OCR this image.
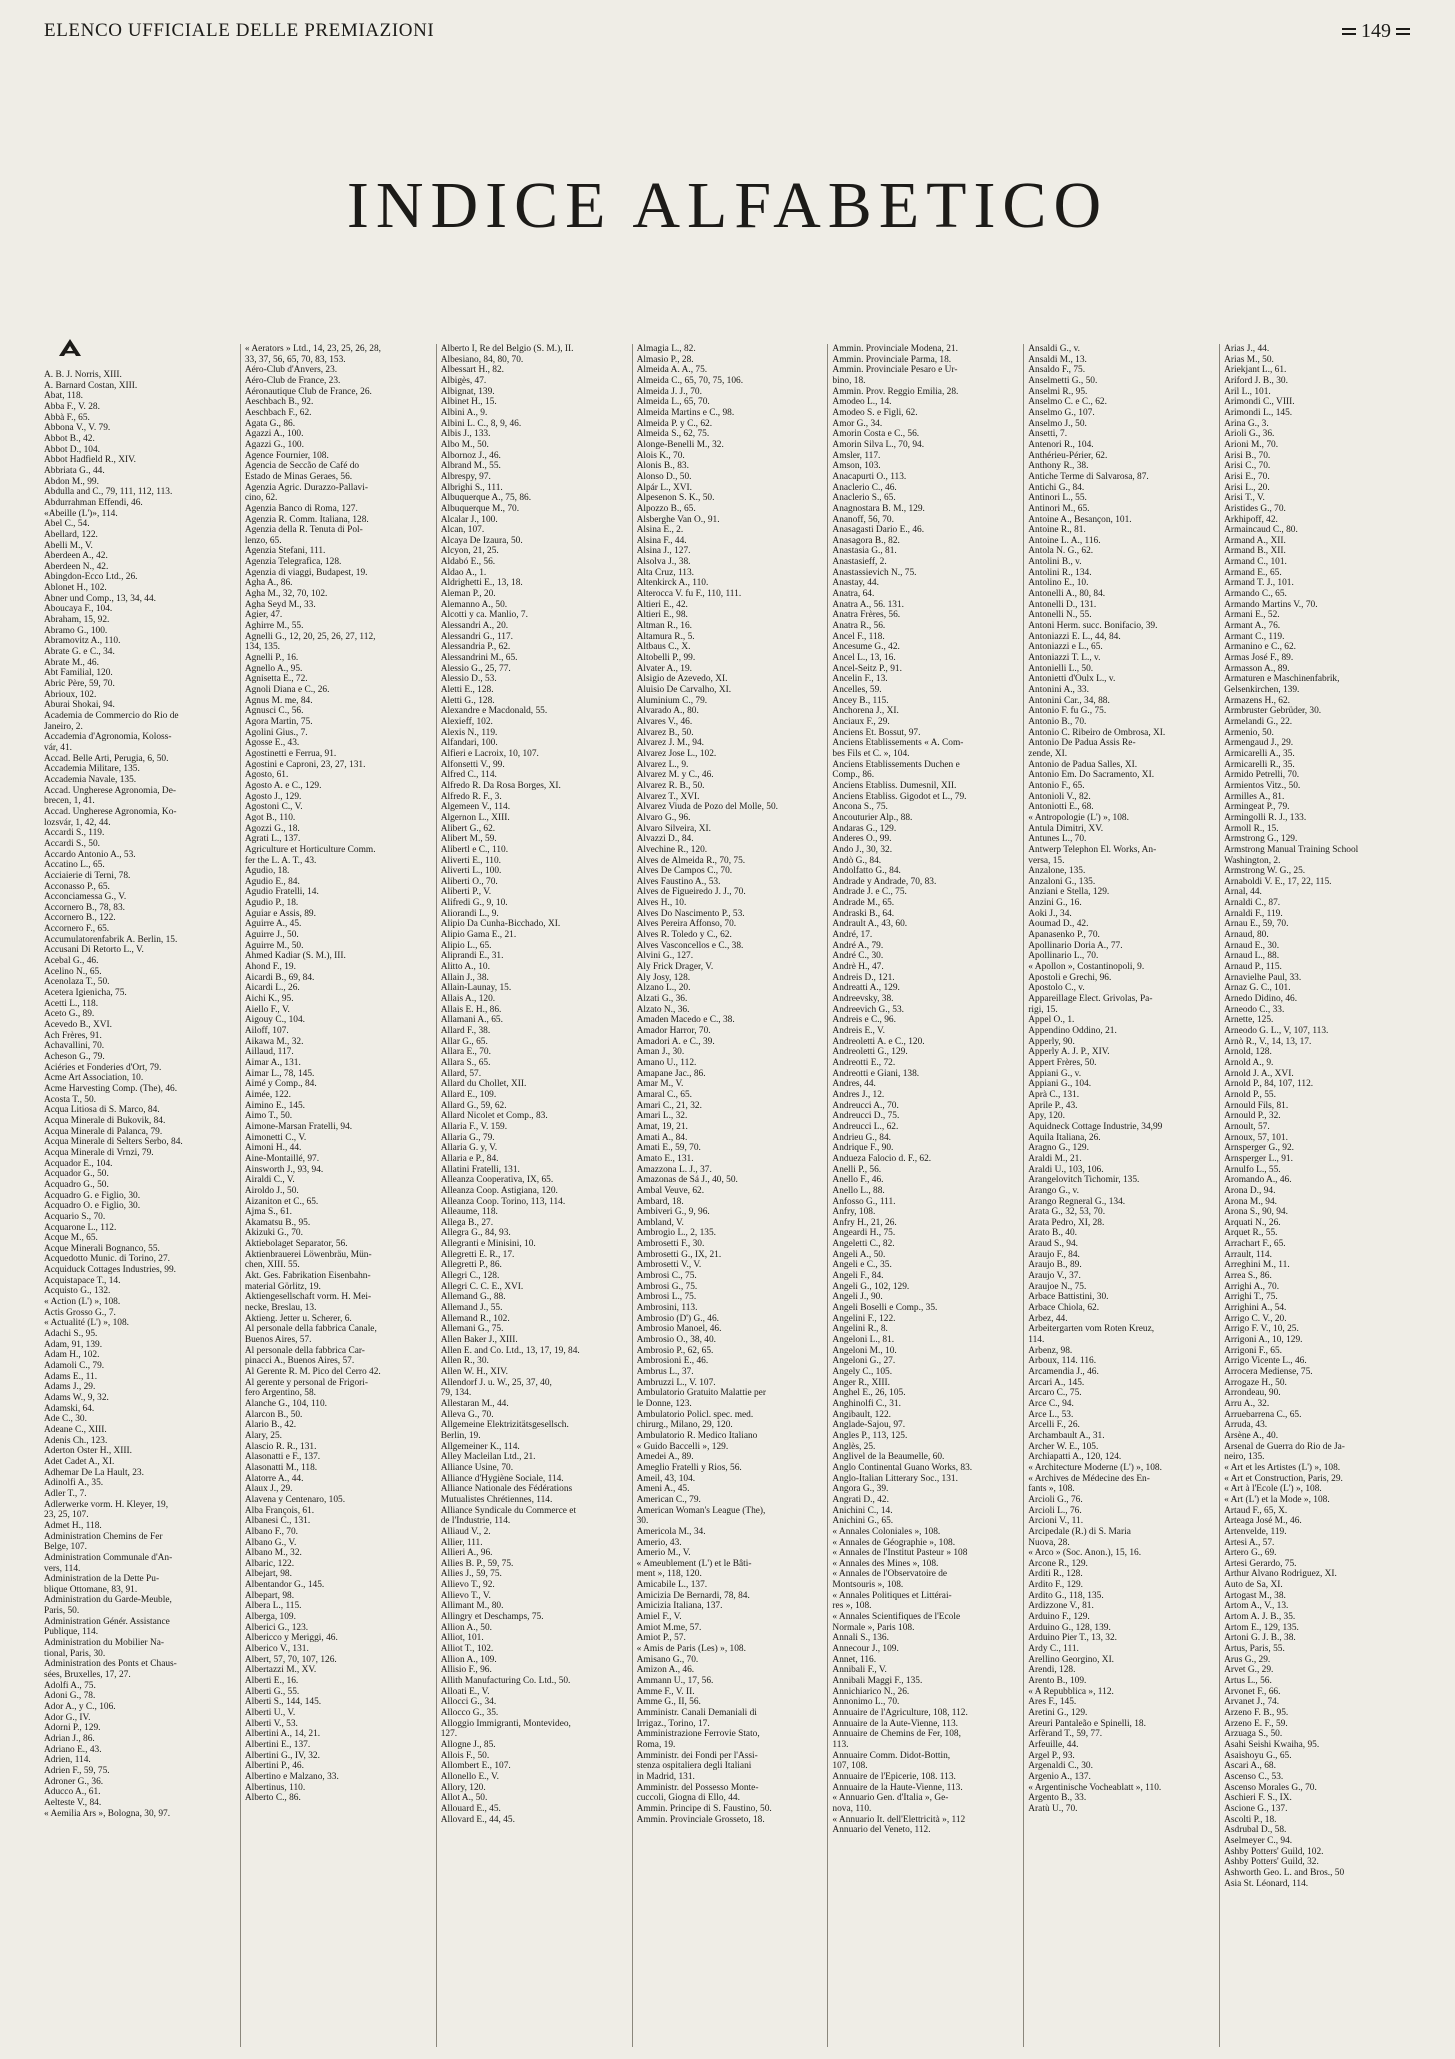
ELENCO UFFICIALE DELLE PREMIAZIONI	149
INDICE ALFABETICO
A. B. J. Norris, XIII.
A. Barnard Costan, XIII.
Abat, 118.
Abba F., V. 28.
Abbà F., 65.
Abbona V., V. 79.
Abbot B., 42.
Abbot D., 104.
Abbot Hadfield R., XIV.
Abbriata G., 44.
Abdon M., 99.
Abdulla and C., 79, 111, 112, 113.
Abdurrahman Effendi, 46.
«Abeille (L')», 114.
Abel C., 54.
Abellard, 122.
Abelli M., V.
Aberdeen A., 42.
Aberdeen N., 42.
Abingdon-Ecco Ltd., 26.
Ablonet H., 102.
Abner und Comp., 13, 34, 44.
Aboucaya F., 104.
Abraham, 15, 92.
Abramo G., 100.
Abramovitz A., 110.
Abrate G. e C., 34.
Abrate M., 46.
Abt Familial, 120.
Abric Père, 59, 70.
Abrioux, 102.
Aburai Shokai, 94.
Academia de Commercio do Rio de
Janeiro, 2.
Accademia d'Agronomia, Koloss-
vár, 41.
Accad. Belle Arti, Perugia, 6, 50.
Accademia Militare, 135.
Accademia Navale, 135.
Accad. Ungherese Agronomia, De-
brecen, 1, 41.
Accad. Ungherese Agronomia, Ko-
lozsvár, 1, 42, 44.
Accardi S., 119.
Accardi S., 50.
Accardo Antonio A., 53.
Accatino L., 65.
Acciaierie di Terni, 78.
Acconasso P., 65.
Acconciamessa G., V.
Accornero B., 78, 83.
Accornero B., 122.
Accornero F., 65.
Accumulatorenfabrik A. Berlin, 15.
Accusani Di Retorto L., V.
Acebal G., 46.
Acelino N., 65.
Acenolaza T., 50.
Acetera Igienicha, 75.
Acetti L., 118.
Aceto G., 89.
Acevedo B., XVI.
Ach Frères, 91.
Achavallini, 70.
Acheson G., 79.
Aciéries et Fonderies d'Ort, 79.
Acme Art Association, 10.
Acme Harvesting Comp. (The), 46.
Acosta T., 50.
Acqua Litiosa di S. Marco, 84.
Acqua Minerale di Bukovik, 84.
Acqua Minerale di Palanca, 79.
Acqua Minerale di Selters Serbo, 84.
Acqua Minerale di Vrnzi, 79.
Acquador E., 104.
Acquador G., 50.
Acquadro G., 50.
Acquadro G. e Figlio, 30.
Acquadro O. e Figlio, 30.
Acquario S., 70.
Acquarone L., 112.
Acque M., 65.
Acque Minerali Bognanco, 55.
Acquedotto Munic. di Torino, 27.
Acquiduck Cottages Industries, 99.
Acquistapace T., 14.
Acquisto G., 132.
« Action (L') », 108.
Actis Grosso G., 7.
« Actualité (L') », 108.
Adachi S., 95.
Adam, 91, 139.
Adam H., 102.
Adamoli C., 79.
Adams E., 11.
Adams J., 29.
Adams W., 9, 32.
Adamski, 64.
Ade C., 30.
Adeane C., XIII.
Adenis Ch., 123.
Aderton Oster H., XIII.
Adet Cadet A., XI.
Adhemar De La Hault, 23.
Adinolfi A., 35.
Adler T., 7.
Adlerwerke vorm. H. Kleyer, 19,
23, 25, 107.
Admet H., 118.
Administration Chemins de Fer
Belge, 107.
Administration Communale d'An-
vers, 114.
Administration de la Dette Pu-
blique Ottomane, 83, 91.
Administration du Garde-Meuble,
Paris, 50.
Administration Génér. Assistance
Publique, 114.
Administration du Mobilier Na-
tional, Paris, 30.
Administration des Ponts et Chaus-
sées, Bruxelles, 17, 27.
Adolfi A., 75.
Adoni G., 78.
Ador A., y C., 106.
Ador G., IV.
Adorni P., 129.
Adrian J., 86.
Adriano E., 43.
Adrien, 114.
Adrien F., 59, 75.
Adroner G., 36.
Aducco A., 61.
Aelteste V., 84.
« Aemilia Ars », Bologna, 30, 97.
« Aerators » Ltd., 14, 23, 25, 26, 28,
33, 37, 56, 65, 70, 83, 153.
Aéro-Club d'Anvers, 23.
Aéro-Club de France, 23.
Aéronautique Club de France, 26.
Aeschbach B., 92.
Aeschbach F., 62.
Agata G., 86.
Agazzi A., 100.
Agazzi G., 100.
Agence Fournier, 108.
Agencia de Seccão de Café do
Estado de Minas Geraes, 56.
Agenzia Agric. Durazzo-Pallavi-
cino, 62.
Agenzia Banco di Roma, 127.
Agenzia R. Comm. Italiana, 128.
Agenzia della R. Tenuta di Pol-
lenzo, 65.
Agenzia Stefani, 111.
Agenzia Telegrafica, 128.
Agenzia di viaggi, Budapest, 19.
Agha A., 86.
Agha M., 32, 70, 102.
Agha Seyd M., 33.
Agier, 47.
Aghirre M., 55.
Agnelli G., 12, 20, 25, 26, 27, 112,
134, 135.
Agnelli P., 16.
Agnello A., 95.
Agnisetta E., 72.
Agnoli Diana e C., 26.
Agnus M. me, 84.
Agnusci C., 56.
Agora Martin, 75.
Agolini Gius., 7.
Agosse E., 43.
Agostinetti e Ferrua, 91.
Agostini e Caproni, 23, 27, 131.
Agosto, 61.
Agosto A. e C., 129.
Agosto J., 129.
Agostoni C., V.
Agot B., 110.
Agozzi G., 18.
Agrati L., 137.
Agriculture et Horticulture Comm.
fer the L. A. T., 43.
Agudio, 18.
Agudio E., 84.
Agudio Fratelli, 14.
Agudio P., 18.
Aguiar e Assis, 89.
Aguirre A., 45.
Aguirre J., 50.
Aguirre M., 50.
Ahmed Kadiar (S. M.), III.
Ahond F., 19.
Aicardi B., 69, 84.
Aicardi L., 26.
Aichi K., 95.
Aiello F., V.
Aigouy C., 104.
Ailoff, 107.
Aikawa M., 32.
Aillaud, 117.
Aimar A., 131.
Aimar L., 78, 145.
Aimé y Comp., 84.
Aimée, 122.
Aimino E., 145.
Aimo T., 50.
Aimone-Marsan Fratelli, 94.
Aimonetti C., V.
Aimoni H., 44.
Aine-Montaillé, 97.
Ainsworth J., 93, 94.
Airaldi C., V.
Airoldo J., 50.
Aizaniton et C., 65.
Ajma S., 61.
Akamatsu B., 95.
Akizuki G., 70.
Aktiebolaget Separator, 56.
Aktienbrauerei Löwenbräu, Mün-
chen, XIII. 55.
Akt. Ges. Fabrikation Eisenbahn-
material Görlitz, 19.
Aktiengesellschaft vorm. H. Mei-
necke, Breslau, 13.
Aktieng. Jetter u. Scherer, 6.
Al personale della fabbrica Canale,
Buenos Aires, 57.
Al personale della fabbrica Car-
pinacci A., Buenos Aires, 57.
Al Gerente R. M. Pico del Cerro 42.
Al gerente y personal de Frigori-
fero Argentino, 58.
Alanche G., 104, 110.
Alarcon B., 50.
Alario B., 42.
Alary, 25.
Alascio R. R., 131.
Alasonatti e F., 137.
Alasonatti M., 118.
Alatorre A., 44.
Alaux J., 29.
Alavena y Centenaro, 105.
Alba François, 61.
Albanesi C., 131.
Albano F., 70.
Albano G., V.
Albano M., 32.
Albaric, 122.
Albejart, 98.
Albentandor G., 145.
Albepart, 98.
Albera L., 115.
Alberga, 109.
Alberici G., 123.
Albericco y Meriggi, 46.
Alberico V., 131.
Albert, 57, 70, 107, 126.
Albertazzi M., XV.
Alberti E., 16.
Alberti G., 55.
Alberti S., 144, 145.
Alberti U., V.
Alberti V., 53.
Albertini A., 14, 21.
Albertini E., 137.
Albertini G., IV, 32.
Albertini P., 46.
Albertino e Malzano, 33.
Albertinus, 110.
Alberto C., 86.
Alberto I, Re del Belgio (S. M.), II.
Albesiano, 84, 80, 70.
Albessart H., 82.
Albigès, 47.
Albignat, 139.
Albinet H., 15.
Albini A., 9.
Albini L. C., 8, 9, 46.
Albis J., 133.
Albo M., 50.
Albornoz J., 46.
Albrand M., 55.
Albrespy, 97.
Albrighi S., 111.
Albuquerque A., 75, 86.
Albuquerque M., 70.
Alcalar J., 100.
Alcan, 107.
Alcaya De Izaura, 50.
Alcyon, 21, 25.
Aldabó E., 56.
Aldao A., 1.
Aldrighetti E., 13, 18.
Aleman P., 20.
Alemanno A., 50.
Alcotti y ca. Manlio, 7.
Alessandri A., 20.
Alessandri G., 117.
Alessandria P., 62.
Alessandrini M., 65.
Alessio G., 25, 77.
Alessio D., 53.
Aletti E., 128.
Aletti G., 128.
Alexandre e Macdonald, 55.
Alexieff, 102.
Alexis N., 119.
Alfandari, 100.
Alfieri e Lacroix, 10, 107.
Alfonsetti V., 99.
Alfred C., 114.
Alfredo R. Da Rosa Borges, XI.
Alfredo R. F., 3.
Algemeen V., 114.
Algernon L., XIII.
Alibert G., 62.
Alibert M., 59.
Alibertl e C., 110.
Aliverti E., 110.
Aliverti L., 100.
Aliberti O., 70.
Aliberti P., V.
Alifredi G., 9, 10.
Aliorandi L., 9.
Alipio Da Cunha-Bicchado, XI.
Alipio Gama E., 21.
Alipio L., 65.
Aliprandi E., 31.
Alitto A., 10.
Allain J., 38.
Allain-Launay, 15.
Allais A., 120.
Allais E. H., 86.
Allamani A., 65.
Allard F., 38.
Allar G., 65.
Allara E., 70.
Allara S., 65.
Allard, 57.
Allard du Chollet, XII.
Allard E., 109.
Allard G., 59, 62.
Allard Nicolet et Comp., 83.
Allaria F., V. 159.
Allaria G., 79.
Allaria G. y, V.
Allaria e P., 84.
Allatini Fratelli, 131.
Alleanza Cooperativa, IX, 65.
Alleanza Coop. Astigiana, 120.
Alleanza Coop. Torino, 113, 114.
Alleaume, 118.
Allega B., 27.
Allegra G., 84, 93.
Allegranti e Minisini, 10.
Allegretti E. R., 17.
Allegretti P., 86.
Allegri C., 128.
Allegri C. C. E., XVI.
Allemand G., 88.
Allemand J., 55.
Allemand R., 102.
Allemani G., 75.
Allen Baker J., XIII.
Allen E. and Co. Ltd., 13, 17, 19, 84.
Allen R., 30.
Allen W. H., XIV.
Allendorf J. u. W., 25, 37, 40,
79, 134.
Allestaran M., 44.
Alleva G., 70.
Allgemeine Elektrizitätsgesellsch.
Berlin, 19.
Allgemeiner K., 114.
Alley Macleilan Ltd., 21.
Alliance Usine, 70.
Alliance d'Hygiène Sociale, 114.
Alliance Nationale des Fédérations
Mutualistes Chrétiennes, 114.
Alliance Syndicale du Commerce et
de l'Industrie, 114.
Alliaud V., 2.
Allier, 111.
Allieri A., 96.
Allies B. P., 59, 75.
Allies J., 59, 75.
Allievo T., 92.
Allievo T., V.
Allimant M., 80.
Allingry et Deschamps, 75.
Allion A., 50.
Alliot, 101.
Alliot T., 102.
Allion A., 109.
Allisio F., 96.
Allith Manufacturing Co. Ltd., 50.
Alloati E., V.
Allocci G., 34.
Allocco G., 35.
Alloggio Immigranti, Montevideo,
127.
Allogne J., 85.
Allois F., 50.
Allombert E., 107.
Allonello E., V.
Allory, 120.
Allot A., 50.
Allouard E., 45.
Allovard E., 44, 45.
Almagia L., 82.
Almasio P., 28.
Almeida A. A., 75.
Almeida C., 65, 70, 75, 106.
Almeida J. J., 70.
Almeida L., 65, 70.
Almeida Martins e C., 98.
Almeida P. y C., 62.
Almeida S., 62, 75.
Alonge-Benelli M., 32.
Alois K., 70.
Alonis B., 83.
Alonso D., 50.
Alpár L., XVI.
Alpesenon S. K., 50.
Alpozzo B., 65.
Alsberghe Van O., 91.
Alsina E., 2.
Alsina F., 44.
Alsina J., 127.
Alsolva J., 38.
Alta Cruz, 113.
Altenkirck A., 110.
Alterocca V. fu F., 110, 111.
Altieri E., 42.
Altieri E., 98.
Altman R., 16.
Altamura R., 5.
Altbaus C., X.
Altobelli P., 99.
Alvater A., 19.
Alsigio de Azevedo, XI.
Aluisio De Carvalho, XI.
Aluminium C., 79.
Alvarado A., 80.
Alvares V., 46.
Alvarez B., 50.
Alvarez J. M., 94.
Alvarez Jose L., 102.
Alvarez L., 9.
Alvarez M. y C., 46.
Alvarez R. B., 50.
Alvarez T., XVI.
Alvarez Viuda de Pozo del Molle, 50.
Alvaro G., 96.
Alvaro Silveira, XI.
Alvazzi D., 84.
Alvechine R., 120.
Alves de Almeida R., 70, 75.
Alves De Campos C., 70.
Alves Faustino A., 53.
Alves de Figueiredo J. J., 70.
Alves H., 10.
Alves Do Nascimento P., 53.
Alves Pereira Affonso, 70.
Alves R. Toledo y C., 62.
Alves Vasconcellos e C., 38.
Alvini G., 127.
Aly Frick Drager, V.
Aly Josy, 128.
Alzano L., 20.
Alzati G., 36.
Alzato N., 36.
Amaden Macedo e C., 38.
Amador Harror, 70.
Amadori A. e C., 39.
Aman J., 30.
Amano U., 112.
Amapane Jac., 86.
Amar M., V.
Amaral C., 65.
Amari C., 21, 32.
Amari L., 32.
Amat, 19, 21.
Amati A., 84.
Amati E., 59, 70.
Amato E., 131.
Amazzona L. J., 37.
Amazonas de Sá J., 40, 50.
Ambal Veuve, 62.
Ambard, 18.
Ambiveri G., 9, 96.
Ambland, V.
Ambrogio L., 2, 135.
Ambrosetti F., 30.
Ambrosetti G., IX, 21.
Ambrosetti V., V.
Ambrosi C., 75.
Ambrosi G., 75.
Ambrosi L., 75.
Ambrosini, 113.
Ambrosio (D') G., 46.
Ambrosio Manoel, 46.
Ambrosio O., 38, 40.
Ambrosio P., 62, 65.
Ambrosioni E., 46.
Ambrus L., 37.
Ambruzzi L., V. 107.
Ambulatorio Gratuito Malattie per
le Donne, 123.
Ambulatorio Policl. spec. med.
chirurg., Milano, 29, 120.
Ambulatorio R. Medico Italiano
« Guido Baccelli », 129.
Amedei A., 89.
Ameglio Fratelli y Rios, 56.
Ameil, 43, 104.
Ameni A., 45.
American C., 79.
American Woman's League (The),
30.
Americola M., 34.
Amerio, 43.
Amerio M., V.
« Ameublement (L') et le Bâti-
ment », 118, 120.
Amicabile L., 137.
Amicizia De Bernardi, 78, 84.
Amicizia Italiana, 137.
Amiel F., V.
Amiot M.me, 57.
Amiot P., 57.
« Amis de Paris (Les) », 108.
Amisano G., 70.
Amizon A., 46.
Ammann U., 17, 56.
Amme F., V. II.
Amme G., II, 56.
Amministr. Canali Demaniali di
Irrigaz., Torino, 17.
Amministrazione Ferrovie Stato,
Roma, 19.
Amministr. dei Fondi per l'Assi-
stenza ospitaliera degli Italiani
in Madrid, 131.
Amministr. del Possesso Monte-
cuccoli, Giogna di Ello, 44.
Ammin. Principe di S. Faustino, 50.
Ammin. Provinciale Grosseto, 18.
Ammin. Provinciale Modena, 21.
Ammin. Provinciale Parma, 18.
Ammin. Provinciale Pesaro e Ur-
bino, 18.
Ammin. Prov. Reggio Emilia, 28.
Amodeo L., 14.
Amodeo S. e Figli, 62.
Amor G., 34.
Amorin Costa e C., 56.
Amorin Silva L., 70, 94.
Amsler, 117.
Amson, 103.
Anacapurti O., 113.
Anaclerio C., 46.
Anaclerio S., 65.
Anagnostara B. M., 129.
Ananoff, 56, 70.
Anasagasti Dario E., 46.
Anasagora B., 82.
Anastasia G., 81.
Anastasieff, 2.
Anastassievich N., 75.
Anastay, 44.
Anatra, 64.
Anatra A., 56. 131.
Anatra Frères, 56.
Anatra R., 56.
Ancel F., 118.
Ancesume G., 42.
Ancel L., 13, 16.
Ancel-Seitz P., 91.
Ancelin F., 13.
Ancelles, 59.
Ancey B., 115.
Anchorena J., XI.
Anciaux F., 29.
Anciens Et. Bossut, 97.
Anciens Etablissements « A. Com-
bes Fils et C. », 104.
Anciens Etablissements Duchen e
Comp., 86.
Anciens Etabliss. Dumesnil, XII.
Anciens Etabliss. Gigodot et L., 79.
Ancona S., 75.
Ancouturier Alp., 88.
Andaras G., 129.
Anderes O., 99.
Ando J., 30, 32.
Andò G., 84.
Andolfatto G., 84.
Andrade y Andrade, 70, 83.
Andrade J. e C., 75.
Andrade M., 65.
Andraski B., 64.
Andrault A., 43, 60.
André, 17.
André A., 79.
André C., 30.
Andrè H., 47.
Andreis D., 121.
Andreatti A., 129.
Andreevsky, 38.
Andreevich G., 53.
Andreis e C., 96.
Andreis E., V.
Andreoletti A. e C., 120.
Andreoletti G., 129.
Andreotti E., 72.
Andreotti e Giani, 138.
Andres, 44.
Andres J., 12.
Andreucci A., 70.
Andreucci D., 75.
Andreucci L., 62.
Andrieu G., 84.
Andrique F., 90.
Andueza Falocio d. F., 62.
Anelli P., 56.
Anello F., 46.
Anello L., 88.
Anfosso G., 111.
Anfry, 108.
Anfry H., 21, 26.
Angeardi H., 75.
Angeletti C., 82.
Angeli A., 50.
Angeli e C., 35.
Angeli F., 84.
Angeli G., 102, 129.
Angeli J., 90.
Angeli Boselli e Comp., 35.
Angelini F., 122.
Angelini R., 8.
Angeloni L., 81.
Angeloni M., 10.
Angeloni G., 27.
Angely C., 105.
Anger R., XIII.
Anghel E., 26, 105.
Anghinolfi C., 31.
Angibault, 122.
Anglade-Sajou, 97.
Angles P., 113, 125.
Anglès, 25.
Anglivel de la Beaumelle, 60.
Anglo Continental Guano Works, 83.
Anglo-Italian Litterary Soc., 131.
Angora G., 39.
Angrati D., 42.
Anichini C., 14.
Anichini G., 65.
« Annales Coloniales », 108.
« Annales de Géographie », 108.
« Annales de l'Institut Pasteur » 108
« Annales des Mines », 108.
« Annales de l'Observatoire de
Montsouris », 108.
« Annales Politiques et Littérai-
res », 108.
« Annales Scientifiques de l'Ecole
Normale », Paris 108.
Annali S., 136.
Annecour J., 109.
Annet, 116.
Annibali F., V.
Annibali Maggi F., 135.
Annichiarico N., 26.
Annonimo L., 70.
Annuaire de l'Agriculture, 108, 112.
Annuaire de la Aute-Vienne, 113.
Annuaire de Chemins de Fer, 108,
113.
Annuaire Comm. Didot-Bottin,
107, 108.
Annuaire de l'Epicerie, 108. 113.
Annuaire de la Haute-Vienne, 113.
« Annuario Gen. d'Italia », Ge-
nova, 110.
« Annuario It. dell'Elettricità », 112
Annuario del Veneto, 112.
Ansaldi G., v.
Ansaldi M., 13.
Ansaldo F., 75.
Anselmetti G., 50.
Anselmi R., 95.
Anselmo C. e C., 62.
Anselmo G., 107.
Anselmo J., 50.
Ansetti, 7.
Antenori R., 104.
Anthérieu-Périer, 62.
Anthony R., 38.
Antiche Terme di Salvarosa, 87.
Antichi G., 84.
Antinori L., 55.
Antinori M., 65.
Antoine A., Besançon, 101.
Antoine R., 81.
Antoine L. A., 116.
Antola N. G., 62.
Antolini B., v.
Antolini R., 134.
Antolino E., 10.
Antonelli A., 80, 84.
Antonelli D., 131.
Antonelli N., 55.
Antoni Herm. succ. Bonifacio, 39.
Antoniazzi E. L., 44, 84.
Antoniazzi e L., 65.
Antoniazzi T. L., v.
Antonielli L., 50.
Antonietti d'Oulx L., v.
Antonini A., 33.
Antonini Car., 34, 88.
Antonio F. fu G., 75.
Antonio B., 70.
Antonio C. Ribeiro de Ombrosa, XI.
Antonio De Padua Assis Re-
zende, XI.
Antonio de Padua Salles, XI.
Antonio Em. Do Sacramento, XI.
Antonio F., 65.
Antonioli V., 82.
Antoniotti E., 68.
« Antropologie (L') », 108.
Antula Dimitri, XV.
Antunes L., 70.
Antwerp Telephon El. Works, An-
versa, 15.
Anzalone, 135.
Anzaloni G., 135.
Anziani e Stella, 129.
Anzini G., 16.
Aoki J., 34.
Aoumad D., 42.
Apanasenko P., 70.
Apollinario Doria A., 77.
Apollinario L., 70.
« Apollon », Costantinopoli, 9.
Apostoli e Grechi, 96.
Apostolo C., v.
Appareillage Elect. Grivolas, Pa-
rigi, 15.
Appel O., 1.
Appendino Oddino, 21.
Apperly, 90.
Apperly A. J. P., XIV.
Appert Frères, 50.
Appiani G., v.
Appiani G., 104.
Aprà C., 131.
Aprile P., 43.
Apy, 120.
Aquidneck Cottage Industrie, 34,99
Aquila Italiana, 26.
Aragno G., 129.
Araldi M., 21.
Araldi U., 103, 106.
Arangelovitch Tichomir, 135.
Arango G., v.
Arango Regneral G., 134.
Arata G., 32, 53, 70.
Arata Pedro, XI, 28.
Arato B., 40.
Araud S., 94.
Araujo F., 84.
Araujo B., 89.
Araujo V., 37.
Araujoe N., 75.
Arbace Battistini, 30.
Arbace Chiola, 62.
Arbez, 44.
Arbeitergarten vom Roten Kreuz,
114.
Arbenz, 98.
Arboux, 114. 116.
Arcamendia J., 46.
Arcari A., 145.
Arcaro C., 75.
Arce C., 94.
Arce L., 53.
Arcelli F., 26.
Archambault A., 31.
Archer W. E., 105.
Archiapatti A., 120, 124.
« Architecture Moderne (L') », 108.
« Archives de Médecine des En-
fants », 108.
Arcioli G., 76.
Arcioli L., 76.
Arcioni V., 11.
Arcipedale (R.) di S. Maria
Nuova, 28.
« Arco » (Soc. Anon.), 15, 16.
Arcone R., 129.
Arditi R., 128.
Ardito F., 129.
Ardito G., 118, 135.
Ardizzone V., 81.
Arduino F., 129.
Arduino G., 128, 139.
Arduino Pier T., 13, 32.
Ardy C., 111.
Arellino Georgino, XI.
Arendi, 128.
Arento B., 109.
« A Repubblica », 112.
Ares F., 145.
Aretini G., 129.
Areuri Pantaleão e Spinelli, 18.
Arfèrand T., 59, 77.
Arfeuille, 44.
Argel P., 93.
Argenaldi C., 30.
Argenio A., 137.
« Argentinische Vocheablatt », 110.
Argento B., 33.
Aratù U., 70.
Arias J., 44.
Arias M., 50.
Ariekjant L., 61.
Ariford J. B., 30.
Aril L., 101.
Arimondi C., VIII.
Arimondi L., 145.
Arina G., 3.
Arioli G., 36.
Arioni M., 70.
Arisi B., 70.
Arisi C., 70.
Arisi E., 70.
Arisi L., 20.
Arisi T., V.
Aristides G., 70.
Arkhipoff, 42.
Armaincaud C., 80.
Armand A., XII.
Armand B., XII.
Armand C., 101.
Armand E., 65.
Armand T. J., 101.
Armando C., 65.
Armando Martins V., 70.
Armani E., 52.
Armant A., 76.
Armant C., 119.
Armanino e C., 62.
Armas José F., 89.
Armasson A., 89.
Armaturen e Maschinenfabrik,
Gelsenkirchen, 139.
Armazens H., 62.
Armbruster Gebrüder, 30.
Armelandi G., 22.
Armenio, 50.
Armengaud J., 29.
Armicarelli A., 35.
Armicarelli R., 35.
Armido Petrelli, 70.
Armientos Vitz., 50.
Armilles A., 81.
Armingeat P., 79.
Armingolli R. J., 133.
Armoll R., 15.
Armstrong G., 129.
Armstrong Manual Training School
Washington, 2.
Armstrong W. G., 25.
Arnaboldi V. E., 17, 22, 115.
Arnal, 44.
Arnaldi C., 87.
Arnaldi F., 119.
Arnau E., 59, 70.
Arnaud, 80.
Arnaud E., 30.
Arnaud L., 88.
Arnaud P., 115.
Arnavielhe Paul, 33.
Arnaz G. C., 101.
Arnedo Didino, 46.
Arneodo C., 33.
Arnette, 125.
Arneodo G. L., V, 107, 113.
Arnò R., V., 14, 13, 17.
Arnold, 128.
Arnold A., 9.
Arnold J. A., XVI.
Arnold P., 84, 107, 112.
Arnold P., 55.
Arnould Fils, 81.
Arnould P., 32.
Arnoult, 57.
Arnoux, 57, 101.
Arnsperger G., 92.
Arnsperger L., 91.
Arnulfo L., 55.
Aromando A., 46.
Arona D., 94.
Arona M., 94.
Arona S., 90, 94.
Arquati N., 26.
Arquet R., 55.
Arrachart F., 65.
Arrault, 114.
Arreghini M., 11.
Arrea S., 86.
Arrighi A., 70.
Arrighi T., 75.
Arrighini A., 54.
Arrigo C. V., 20.
Arrigo F. V., 10, 25.
Arrigoni A., 10, 129.
Arrigoni F., 65.
Arrigo Vicente L., 46.
Arrocera Mediense, 75.
Arrogaze H., 50.
Arrondeau, 90.
Arru A., 32.
Arruebarrena C., 65.
Arruda, 43.
Arsène A., 40.
Arsenal de Guerra do Rio de Ja-
neiro, 135.
« Art et les Artistes (L') », 108.
« Art et Construction, Paris, 29.
« Art à l'Ecole (L') », 108.
« Art (L') et la Mode », 108.
Artaud F., 65, X.
Arteaga José M., 46.
Artenvelde, 119.
Artesi A., 57.
Artero G., 69.
Artesi Gerardo, 75.
Arthur Alvano Rodriguez, XI.
Auto de Sa, XI.
Artogast M., 38.
Artom A., V., 13.
Artom A. J. B., 35.
Artom E., 129, 135.
Artoni G. J. B., 38.
Artus, Paris, 55.
Arus G., 29.
Arvet G., 29.
Artus L., 56.
Arvonet F., 66.
Arvanet J., 74.
Arzeno F. B., 95.
Arzeno E. F., 59.
Arzuaga S., 50.
Asahi Seishi Kwaiha, 95.
Asaishoyu G., 65.
Ascari A., 68.
Ascenso C., 53.
Ascenso Morales G., 70.
Aschieri F. S., IX.
Ascione G., 137.
Ascolti P., 18.
Asdrubal D., 58.
Aselmeyer C., 94.
Ashby Potters' Guild, 102.
Ashby Potters' Guild, 32.
Ashworth Geo. L. and Bros., 50
Asia St. Léonard, 114.
